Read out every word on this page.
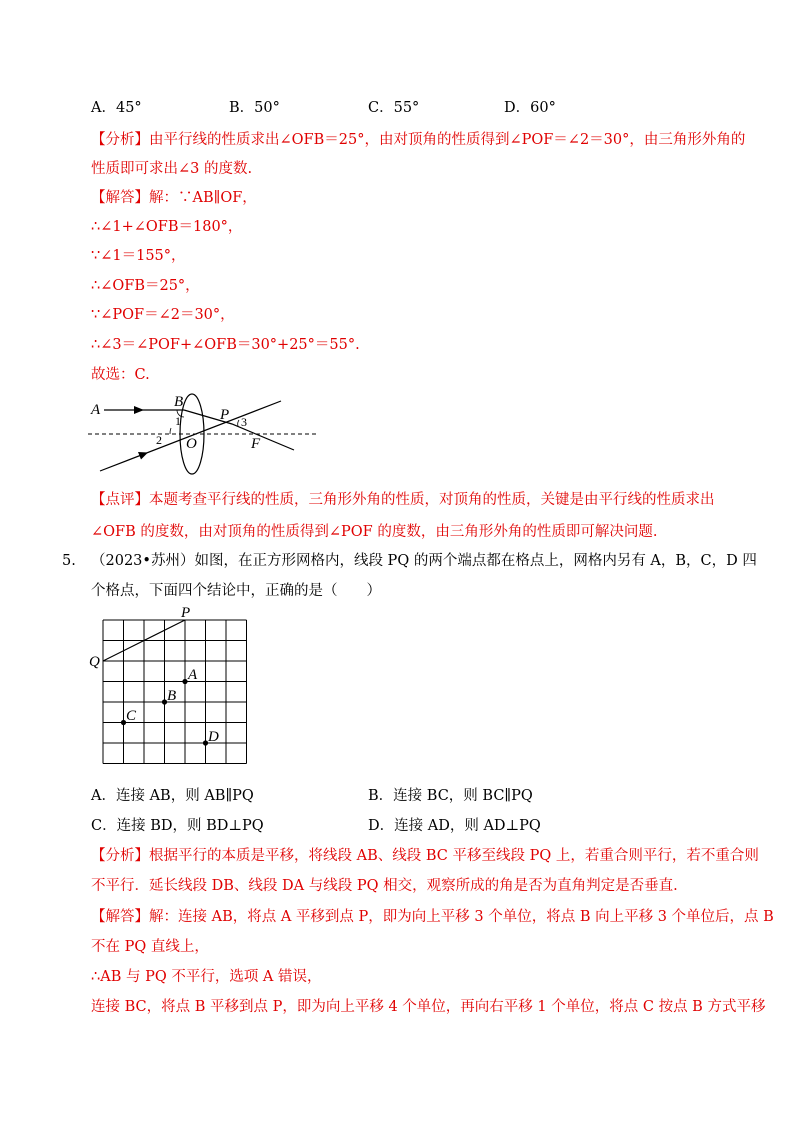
A．45°	B．50°	C．55°	D．60°
【分析】由平行线的性质求出∠OFB＝25°，由对顶角的性质得到∠POF＝∠2＝30°，由三角形外角的
性质即可求出∠3 的度数.
【解答】解：∵AB∥OF，
∴∠1+∠OFB＝180°，
∵∠1＝155°，
∴∠OFB＝25°，
∵∠POF＝∠2＝30°，
∴∠3＝∠POF+∠OFB＝30°+25°＝55°.
故选：C.
A	B
P
1	3
2 O	F
【点评】本题考查平行线的性质，三角形外角的性质，对顶角的性质，关键是由平行线的性质求出
∠OFB 的度数，由对顶角的性质得到∠POF 的度数，由三角形外角的性质即可解决问题.
5. （2023•苏州）如图，在正方形网格内，线段 PQ 的两个端点都在格点上，网格内另有 A，B，C，D 四
个格点，下面四个结论中，正确的是（　　）
P
Q
A
B
C
D
A．连接 AB，则 AB∥PQ	B．连接 BC，则 BC∥PQ
C．连接 BD，则 BD⊥PQ	D．连接 AD，则 AD⊥PQ
【分析】根据平行的本质是平移，将线段 AB、线段 BC 平移至线段 PQ 上，若重合则平行，若不重合则
不平行．延长线段 DB、线段 DA 与线段 PQ 相交，观察所成的角是否为直角判定是否垂直.
【解答】解：连接 AB，将点 A 平移到点 P，即为向上平移 3 个单位，将点 B 向上平移 3 个单位后，点 B
不在 PQ 直线上，
∴AB 与 PQ 不平行，选项 A 错误，
连接 BC，将点 B 平移到点 P，即为向上平移 4 个单位，再向右平移 1 个单位，将点 C 按点 B 方式平移
